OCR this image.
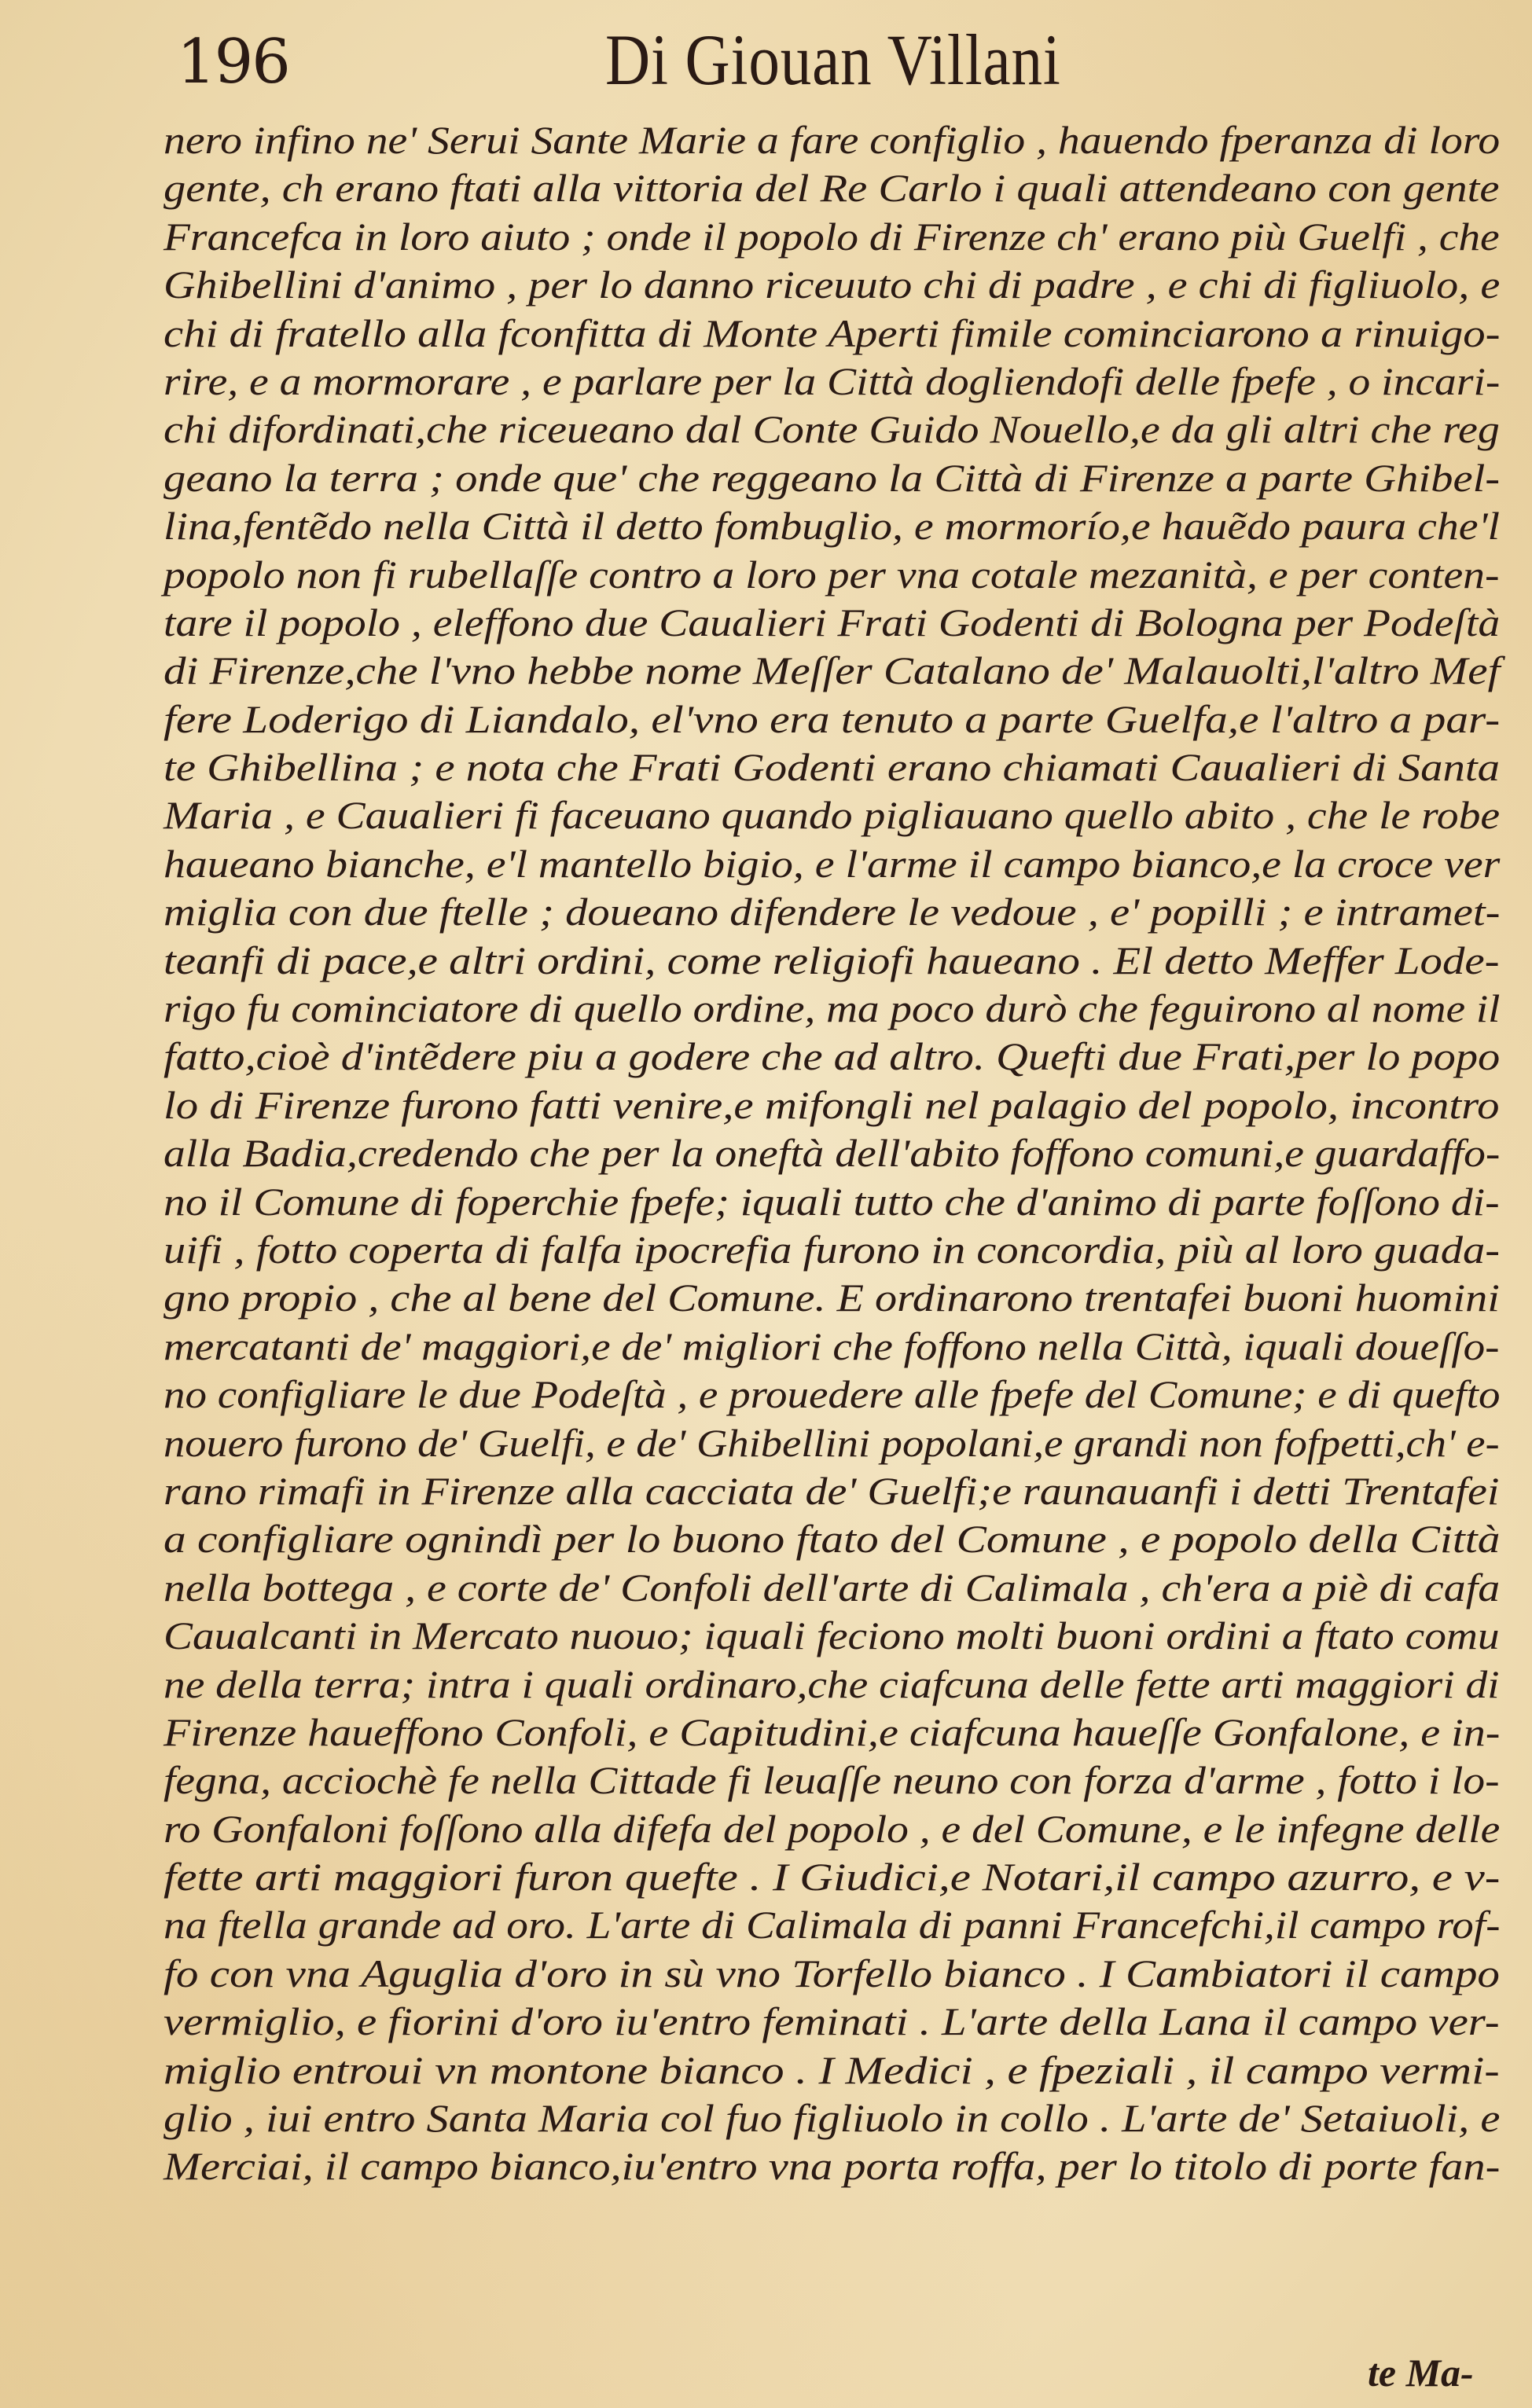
196	Di Giouan Villani
nero infino ne' Serui Sante Marie a fare configlio , hauendo fperanza di loro
gente, ch erano ftati alla vittoria del Re Carlo i quali attendeano con gente
Francefca in loro aiuto ; onde il popolo di Firenze ch' erano più Guelfi , che
Ghibellini d'animo , per lo danno riceuuto chi di padre , e chi di figliuolo, e
chi di fratello alla fconfitta di Monte Aperti fimile cominciarono a rinuigo-
rire, e a mormorare , e parlare per la Città dogliendofi delle fpefe , o incari-
chi difordinati,che riceueano dal Conte Guido Nouello,e da gli altri che reg
geano la terra ; onde que' che reggeano la Città di Firenze a parte Ghibel-
lina,fentẽdo nella Città il detto fombuglio, e mormorío,e hauẽdo paura che'l
popolo non fi rubellaſſe contro a loro per vna cotale mezanità, e per conten-
tare il popolo , eleffono due Caualieri Frati Godenti di Bologna per Podeſtà
di Firenze,che l'vno hebbe nome Meſſer Catalano de' Malauolti,l'altro Mef
fere Loderigo di Liandalo, el'vno era tenuto a parte Guelfa,e l'altro a par-
te Ghibellina ; e nota che Frati Godenti erano chiamati Caualieri di Santa
Maria , e Caualieri fi faceuano quando pigliauano quello abito , che le robe
haueano bianche, e'l mantello bigio, e l'arme il campo bianco,e la croce ver
miglia con due ftelle ; doueano difendere le vedoue , e' popilli ; e intramet-
teanfi di pace,e altri ordini, come religiofi haueano . El detto Meffer Lode-
rigo fu cominciatore di quello ordine, ma poco durò che feguirono al nome il
fatto,cioè d'intẽdere piu a godere che ad altro. Quefti due Frati,per lo popo
lo di Firenze furono fatti venire,e mifongli nel palagio del popolo, incontro
alla Badia,credendo che per la oneftà dell'abito foffono comuni,e guardaffo-
no il Comune di foperchie fpefe; iquali tutto che d'animo di parte foſſono di-
uifi , fotto coperta di falfa ipocrefia furono in concordia, più al loro guada-
gno propio , che al bene del Comune. E ordinarono trentafei buoni huomini
mercatanti de' maggiori,e de' migliori che foffono nella Città, iquali doueſſo-
no configliare le due Podeſtà , e prouedere alle fpefe del Comune; e di quefto
nouero furono de' Guelfi, e de' Ghibellini popolani,e grandi non fofpetti,ch' e-
rano rimafi in Firenze alla cacciata de' Guelfi;e raunauanfi i detti Trentafei
a configliare ognindì per lo buono ftato del Comune , e popolo della Città
nella bottega , e corte de' Confoli dell'arte di Calimala , ch'era a piè di cafa
Caualcanti in Mercato nuouo; iquali feciono molti buoni ordini a ftato comu
ne della terra; intra i quali ordinaro,che ciafcuna delle fette arti maggiori di
Firenze haueffono Confoli, e Capitudini,e ciafcuna haueſſe Gonfalone, e in-
fegna, acciochè fe nella Cittade fi leuaſſe neuno con forza d'arme , fotto i lo-
ro Gonfaloni foſſono alla difefa del popolo , e del Comune, e le infegne delle
fette arti maggiori furon quefte . I Giudici,e Notari,il campo azurro, e v-
na ftella grande ad oro. L'arte di Calimala di panni Francefchi,il campo rof-
fo con vna Aguglia d'oro in sù vno Torfello bianco . I Cambiatori il campo
vermiglio, e fiorini d'oro iu'entro feminati . L'arte della Lana il campo ver-
miglio entroui vn montone bianco . I Medici , e fpeziali , il campo vermi-
glio , iui entro Santa Maria col fuo figliuolo in collo . L'arte de' Setaiuoli, e
Merciai, il campo bianco,iu'entro vna porta roffa, per lo titolo di porte fan-
te Ma-
